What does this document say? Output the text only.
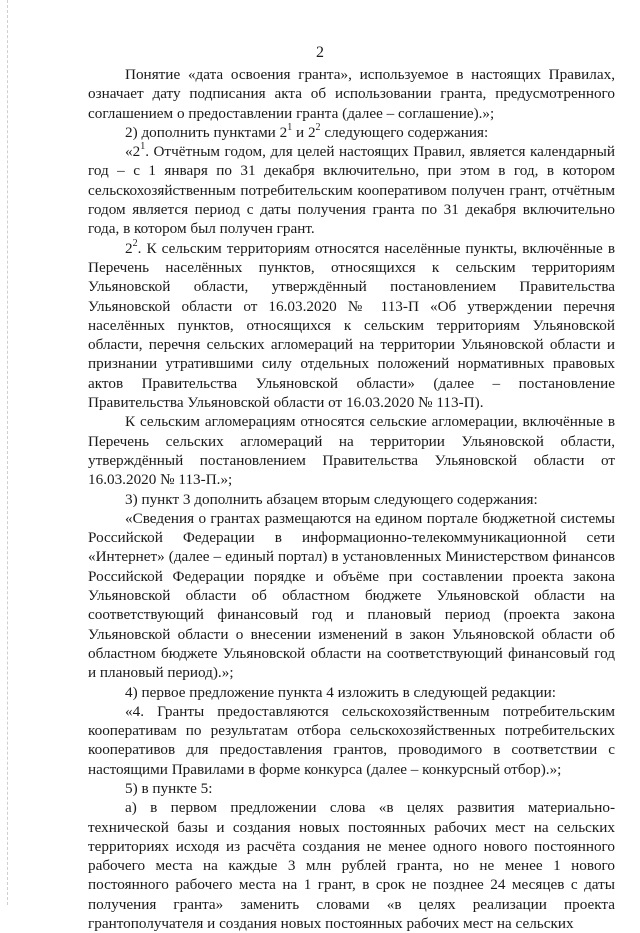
2

Понятие «дата освоения гранта», используемое в настоящих Правилах, означает дату подписания акта об использовании гранта, предусмотренного соглашением о предоставлении гранта (далее – соглашение).»;

2) дополнить пунктами $2^1$ и $2^2$ следующего содержания:

«$2^1$. Отчётным годом, для целей настоящих Правил, является календарный год – с 1 января по 31 декабря включительно, при этом в год, в котором сельскохозяйственным потребительским кооперативом получен грант, отчётным годом является период с даты получения гранта по 31 декабря включительно года, в котором был получен грант.

$2^2$. К сельским территориям относятся населённые пункты, включённые в Перечень населённых пунктов, относящихся к сельским территориям Ульяновской области, утверждённый постановлением Правительства Ульяновской области от 16.03.2020 № 113-П «Об утверждении перечня населённых пунктов, относящихся к сельским территориям Ульяновской области, перечня сельских агломераций на территории Ульяновской области и признании утратившими силу отдельных положений нормативных правовых актов Правительства Ульяновской области» (далее – постановление Правительства Ульяновской области от 16.03.2020 № 113-П).

К сельским агломерациям относятся сельские агломерации, включённые в Перечень сельских агломераций на территории Ульяновской области, утверждённый постановлением Правительства Ульяновской области от 16.03.2020 № 113-П.»;

3) пункт 3 дополнить абзацем вторым следующего содержания:

«Сведения о грантах размещаются на едином портале бюджетной системы Российской Федерации в информационно-телекоммуникационной сети «Интернет» (далее – единый портал) в установленных Министерством финансов Российской Федерации порядке и объёме при составлении проекта закона Ульяновской области об областном бюджете Ульяновской области на соответствующий финансовый год и плановый период (проекта закона Ульяновской области о внесении изменений в закон Ульяновской области об областном бюджете Ульяновской области на соответствующий финансовый год и плановый период).»;

4) первое предложение пункта 4 изложить в следующей редакции:

«4. Гранты предоставляются сельскохозяйственным потребительским кооперативам по результатам отбора сельскохозяйственных потребительских кооперативов для предоставления грантов, проводимого в соответствии с настоящими Правилами в форме конкурса (далее – конкурсный отбор).»;

5) в пункте 5:

а) в первом предложении слова «в целях развития материально-технической базы и создания новых постоянных рабочих мест на сельских территориях исходя из расчёта создания не менее одного нового постоянного рабочего места на каждые 3 млн рублей гранта, но не менее 1 нового постоянного рабочего места на 1 грант, в срок не позднее 24 месяцев с даты получения гранта» заменить словами «в целях реализации проекта грантополучателя и создания новых постоянных рабочих мест на сельских
